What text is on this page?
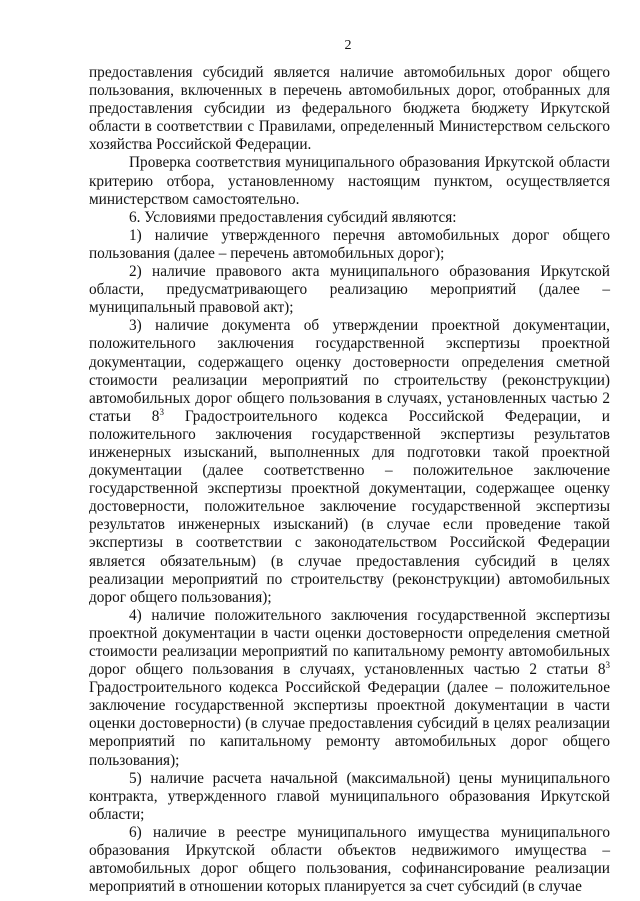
2

предоставления субсидий является наличие автомобильных дорог общего пользования, включенных в перечень автомобильных дорог, отобранных для предоставления субсидии из федерального бюджета бюджету Иркутской области в соответствии с Правилами, определенный Министерством сельского хозяйства Российской Федерации.

Проверка соответствия муниципального образования Иркутской области критерию отбора, установленному настоящим пунктом, осуществляется министерством самостоятельно.

6. Условиями предоставления субсидий являются:

1) наличие утвержденного перечня автомобильных дорог общего пользования (далее – перечень автомобильных дорог);

2) наличие правового акта муниципального образования Иркутской области, предусматривающего реализацию мероприятий (далее – муниципальный правовой акт);

3) наличие документа об утверждении проектной документации, положительного заключения государственной экспертизы проектной документации, содержащего оценку достоверности определения сметной стоимости реализации мероприятий по строительству (реконструкции) автомобильных дорог общего пользования в случаях, установленных частью 2 статьи $8^3$ Градостроительного кодекса Российской Федерации, и положительного заключения государственной экспертизы результатов инженерных изысканий, выполненных для подготовки такой проектной документации (далее соответственно – положительное заключение государственной экспертизы проектной документации, содержащее оценку достоверности, положительное заключение государственной экспертизы результатов инженерных изысканий) (в случае если проведение такой экспертизы в соответствии с законодательством Российской Федерации является обязательным) (в случае предоставления субсидий в целях реализации мероприятий по строительству (реконструкции) автомобильных дорог общего пользования);

4) наличие положительного заключения государственной экспертизы проектной документации в части оценки достоверности определения сметной стоимости реализации мероприятий по капитальному ремонту автомобильных дорог общего пользования в случаях, установленных частью 2 статьи $8^3$ Градостроительного кодекса Российской Федерации (далее – положительное заключение государственной экспертизы проектной документации в части оценки достоверности) (в случае предоставления субсидий в целях реализации мероприятий по капитальному ремонту автомобильных дорог общего пользования);

5) наличие расчета начальной (максимальной) цены муниципального контракта, утвержденного главой муниципального образования Иркутской области;

6) наличие в реестре муниципального имущества муниципального образования Иркутской области объектов недвижимого имущества – автомобильных дорог общего пользования, софинансирование реализации мероприятий в отношении которых планируется за счет субсидий (в случае
